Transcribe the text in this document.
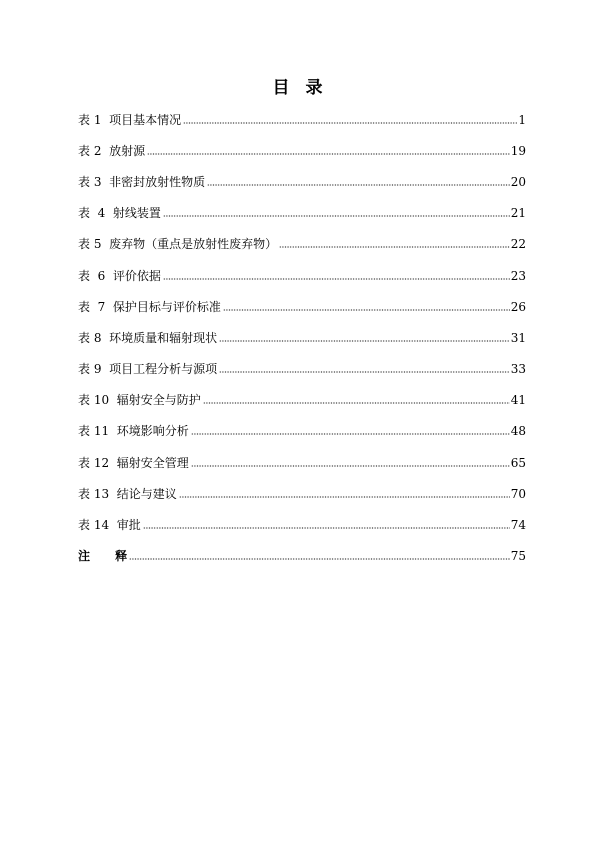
目 录
表 1  项目基本情况	1
表 2  放射源	19
表 3  非密封放射性物质	20
表  4  射线装置	21
表 5  废弃物（重点是放射性废弃物）	22
表  6  评价依据	23
表  7  保护目标与评价标准	26
表 8  环境质量和辐射现状	31
表 9  项目工程分析与源项	33
表 10  辐射安全与防护	41
表 11  环境影响分析	48
表 12  辐射安全管理	65
表 13  结论与建议	70
表 14  审批	74
注      释	75
